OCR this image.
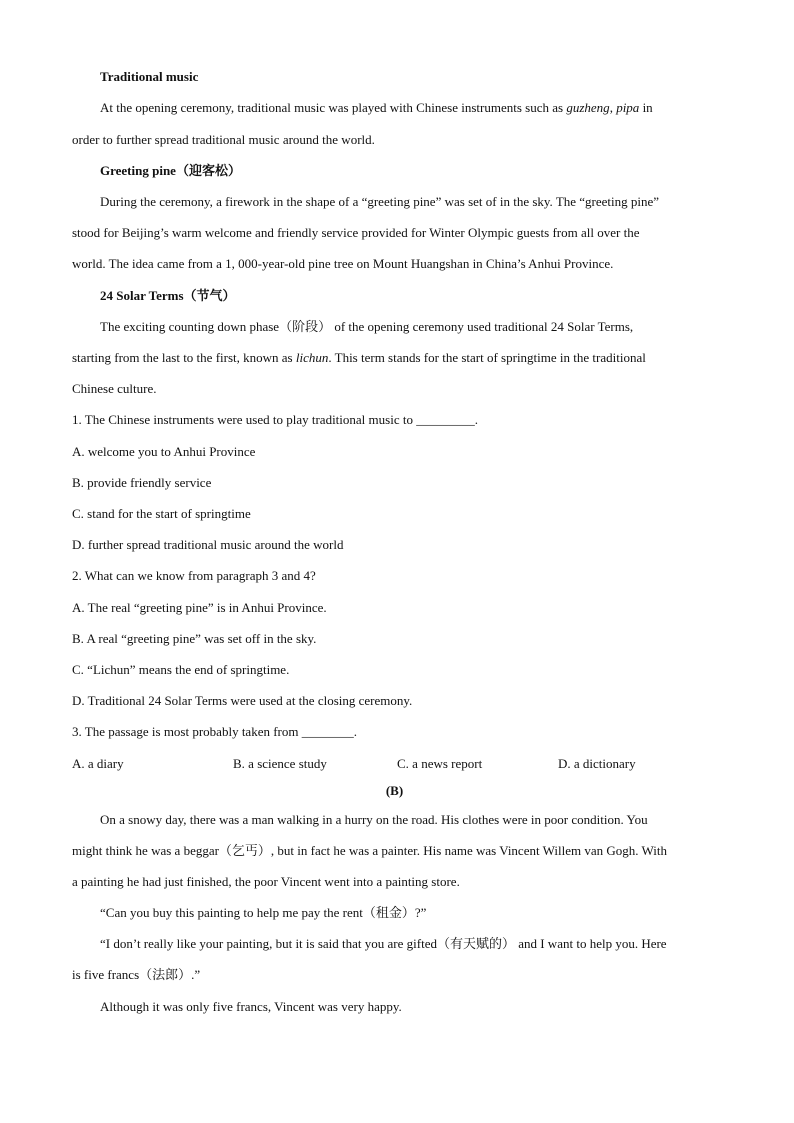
Traditional music
At the opening ceremony, traditional music was played with Chinese instruments such as guzheng, pipa in
order to further spread traditional music around the world.
Greeting pine（迎客松）
During the ceremony, a firework in the shape of a “greeting pine” was set of in the sky. The “greeting pine”
stood for Beijing’s warm welcome and friendly service provided for Winter Olympic guests from all over the
world. The idea came from a 1, 000-year-old pine tree on Mount Huangshan in China’s Anhui Province.
24 Solar Terms（节气）
The exciting counting down phase（阶段） of the opening ceremony used traditional 24 Solar Terms,
starting from the last to the first, known as lichun. This term stands for the start of springtime in the traditional
Chinese culture.
1. The Chinese instruments were used to play traditional music to _________.
A. welcome you to Anhui Province
B. provide friendly service
C. stand for the start of springtime
D. further spread traditional music around the world
2. What can we know from paragraph 3 and 4?
A. The real “greeting pine” is in Anhui Province.
B. A real “greeting pine” was set off in the sky.
C. “Lichun” means the end of springtime.
D. Traditional 24 Solar Terms were used at the closing ceremony.
3. The passage is most probably taken from ________.
A. a diary	B. a science study	C. a news report	D. a dictionary
(B)
On a snowy day, there was a man walking in a hurry on the road. His clothes were in poor condition. You
might think he was a beggar（乞丐）, but in fact he was a painter. His name was Vincent Willem van Gogh. With
a painting he had just finished, the poor Vincent went into a painting store.
“Can you buy this painting to help me pay the rent（租金）?”
“I don’t really like your painting, but it is said that you are gifted（有天赋的） and I want to help you. Here
is five francs（法郎）.”
Although it was only five francs, Vincent was very happy.
